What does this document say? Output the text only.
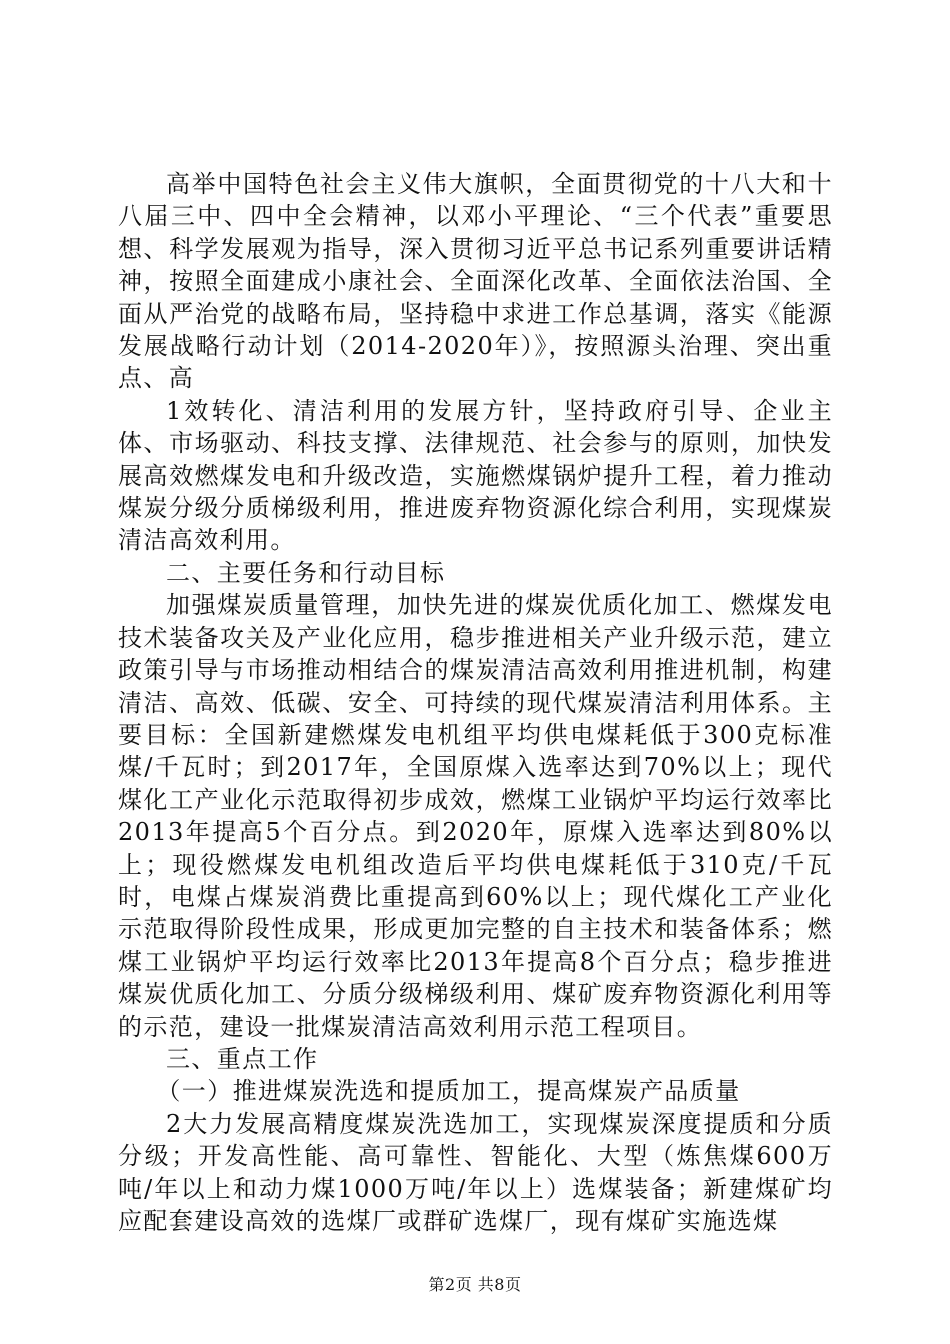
高举中国特色社会主义伟大旗帜，全面贯彻党的十八大和十八届三中、四中全会精神，以邓小平理论、“三个代表”重要思想、科学发展观为指导，深入贯彻习近平总书记系列重要讲话精神，按照全面建成小康社会、全面深化改革、全面依法治国、全面从严治党的战略布局，坚持稳中求进工作总基调，落实《能源发展战略行动计划（2014-2020年）》，按照源头治理、突出重点、高

1效转化、清洁利用的发展方针，坚持政府引导、企业主体、市场驱动、科技支撑、法律规范、社会参与的原则，加快发展高效燃煤发电和升级改造，实施燃煤锅炉提升工程，着力推动煤炭分级分质梯级利用，推进废弃物资源化综合利用，实现煤炭清洁高效利用。

二、主要任务和行动目标

加强煤炭质量管理，加快先进的煤炭优质化加工、燃煤发电技术装备攻关及产业化应用，稳步推进相关产业升级示范，建立政策引导与市场推动相结合的煤炭清洁高效利用推进机制，构建清洁、高效、低碳、安全、可持续的现代煤炭清洁利用体系。主要目标：全国新建燃煤发电机组平均供电煤耗低于300克标准煤/千瓦时；到2017年，全国原煤入选率达到70%以上；现代煤化工产业化示范取得初步成效，燃煤工业锅炉平均运行效率比2013年提高5个百分点。到2020年，原煤入选率达到80%以上；现役燃煤发电机组改造后平均供电煤耗低于310克/千瓦时，电煤占煤炭消费比重提高到60%以上；现代煤化工产业化示范取得阶段性成果，形成更加完整的自主技术和装备体系；燃煤工业锅炉平均运行效率比2013年提高8个百分点；稳步推进煤炭优质化加工、分质分级梯级利用、煤矿废弃物资源化利用等的示范，建设一批煤炭清洁高效利用示范工程项目。

三、重点工作

（一）推进煤炭洗选和提质加工，提高煤炭产品质量

2大力发展高精度煤炭洗选加工，实现煤炭深度提质和分质分级；开发高性能、高可靠性、智能化、大型（炼焦煤600万吨/年以上和动力煤1000万吨/年以上）选煤装备；新建煤矿均应配套建设高效的选煤厂或群矿选煤厂，现有煤矿实施选煤

第2页 共8页
